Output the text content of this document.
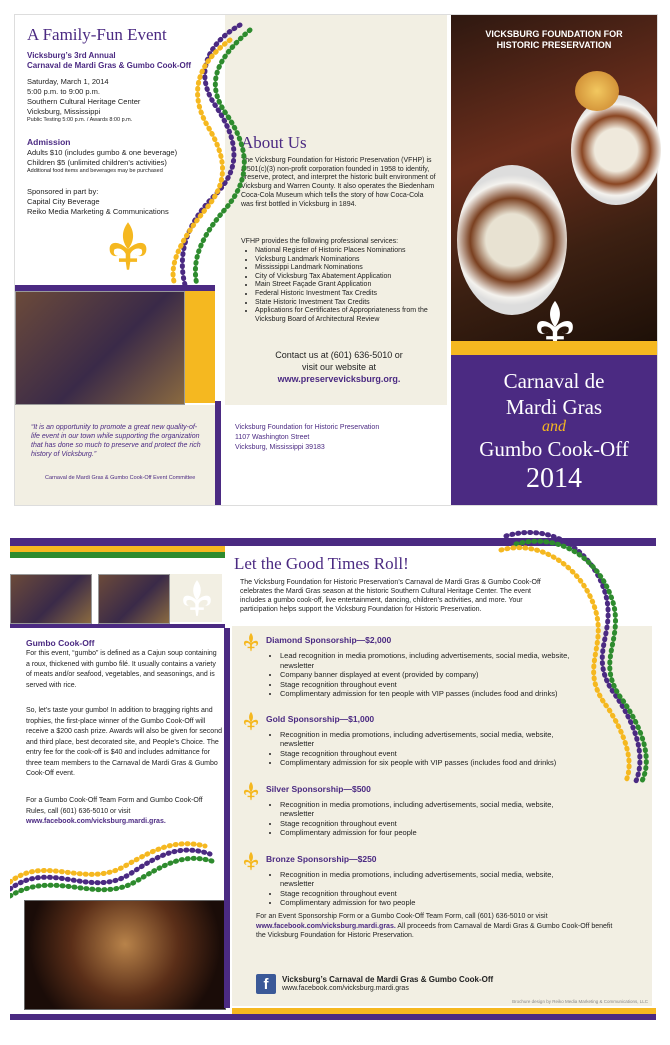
A Family-Fun Event
Vicksburg’s 3rd Annual
Carnaval de Mardi Gras & Gumbo Cook-Off
Saturday, March 1, 2014
5:00 p.m. to 9:00 p.m.
Southern Cultural Heritage Center
Vicksburg, Mississippi
Public Testing 5:00 p.m. / Awards 8:00 p.m.
Admission
Adults $10 (includes gumbo & one beverage)
Children $5 (unlimited children’s activities)
Additional food items and beverages may be purchased
Sponsored in part by:
Capital City Beverage
Reiko Media Marketing & Communications
“It is an opportunity to promote a great new quality-of-life event in our town while supporting the organization that has done so much to preserve and protect the rich history of Vicksburg.”
Carnaval de Mardi Gras & Gumbo Cook-Off Event Committee
About Us
The Vicksburg Foundation for Historic Preservation (VFHP) is a 501(c)(3) non-profit corporation founded in 1958 to identify, preserve, protect, and interpret the historic built environment of Vicksburg and Warren County. It also operates the Biedenham Coca-Cola Museum which tells the story of how Coca-Cola was first bottled in Vicksburg in 1894.
VFHP provides the following professional services:
• National Register of Historic Places Nominations
• Vicksburg Landmark Nominations
• Mississippi Landmark Nominations
• City of Vicksburg Tax Abatement Application
• Main Street Façade Grant Application
• Federal Historic Investment Tax Credits
• State Historic Investment Tax Credits
• Applications for Certificates of Appropriateness from the Vicksburg Board of Architectural Review
Contact us at (601) 636-5010 or
visit our website at
www.preservevicksburg.org.
Vicksburg Foundation for Historic Preservation
1107 Washington Street
Vicksburg, Mississippi 39183
VICKSBURG FOUNDATION FOR
HISTORIC PRESERVATION
Carnaval de
Mardi Gras
and
Gumbo Cook-Off
2014
Gumbo Cook-Off
For this event, “gumbo” is defined as a Cajun soup containing a roux, thickened with gumbo filé. It usually contains a variety of meats and/or seafood, vegetables, and seasonings, and is served with rice.
So, let’s taste your gumbo! In addition to bragging rights and trophies, the first-place winner of the Gumbo Cook-Off will receive a $200 cash prize. Awards will also be given for second and third place, best decorated site, and People’s Choice. The entry fee for the cook-off is $40 and includes admittance for three team members to the Carnaval de Mardi Gras & Gumbo Cook-Off event.
For a Gumbo Cook-Off Team Form and Gumbo Cook-Off Rules, call (601) 636-5010 or visit www.facebook.com/vicksburg.mardi.gras.
Let the Good Times Roll!
The Vicksburg Foundation for Historic Preservation’s Carnaval de Mardi Gras & Gumbo Cook-Off celebrates the Mardi Gras season at the historic Southern Cultural Heritage Center. The event includes a gumbo cook-off, live entertainment, dancing, children’s activities, and more. Your participation helps support the Vicksburg Foundation for Historic Preservation.
Diamond Sponsorship—$2,000
• Lead recognition in media promotions, including advertisements, social media, website, newsletter
• Company banner displayed at event (provided by company)
• Stage recognition throughout event
• Complimentary admission for ten people with VIP passes (includes food and drinks)
Gold Sponsorship—$1,000
• Recognition in media promotions, including advertisements, social media, website, newsletter
• Stage recognition throughout event
• Complimentary admission for six people with VIP passes (includes food and drinks)
Silver Sponsorship—$500
• Recognition in media promotions, including advertisements, social media, website, newsletter
• Stage recognition throughout event
• Complimentary admission for four people
Bronze Sponsorship—$250
• Recognition in media promotions, including advertisements, social media, website, newsletter
• Stage recognition throughout event
• Complimentary admission for two people
For an Event Sponsorship Form or a Gumbo Cook-Off Team Form, call (601) 636-5010 or visit www.facebook.com/vicksburg.mardi.gras. All proceeds from Carnaval de Mardi Gras & Gumbo Cook-Off benefit the Vicksburg Foundation for Historic Preservation.
f	Vicksburg’s Carnaval de Mardi Gras & Gumbo Cook-Off
www.facebook.com/vicksburg.mardi.gras
Brochure design by Reiko Media Marketing & Communications, LLC
